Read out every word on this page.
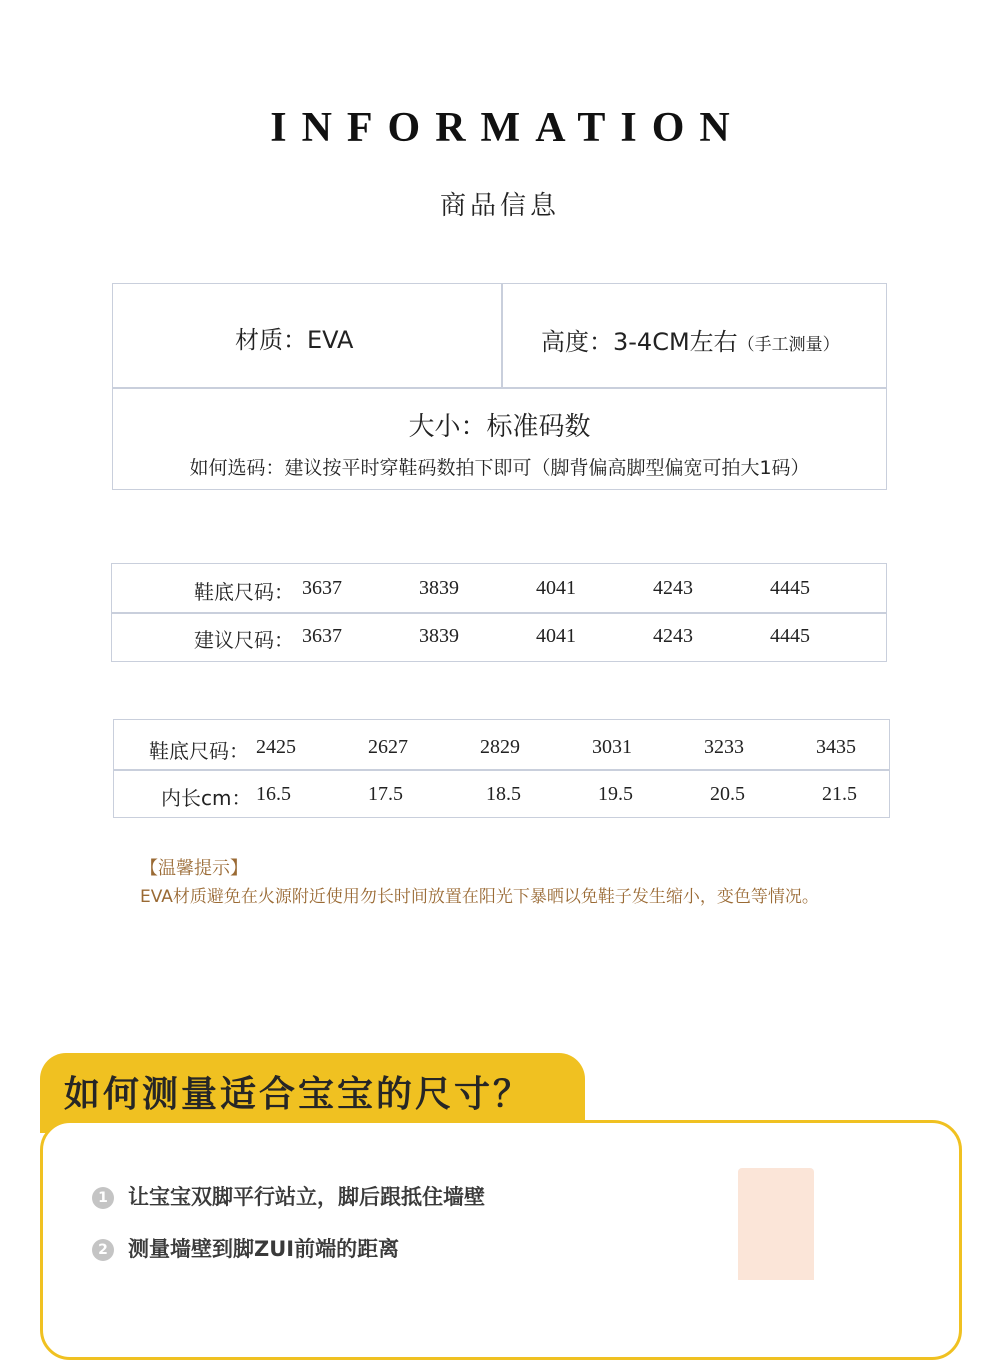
INFORMATION
商品信息
材质：EVA	高度：3-4CM左右（手工测量）
大小：标准码数
如何选码：建议按平时穿鞋码数拍下即可（脚背偏高脚型偏宽可拍大1码）
鞋底尺码： 3637	3839	4041	4243	4445
建议尺码： 3637	3839	4041	4243	4445
鞋底尺码： 2425	2627	2829	3031	3233	3435
内长cm： 16.5	17.5	18.5	19.5	20.5	21.5
【温馨提示】
EVA材质避免在火源附近使用勿长时间放置在阳光下暴晒以免鞋子发生缩小，变色等情况。
如何测量适合宝宝的尺寸？
1 让宝宝双脚平行站立，脚后跟抵住墙壁
2 测量墙壁到脚ZUI前端的距离
